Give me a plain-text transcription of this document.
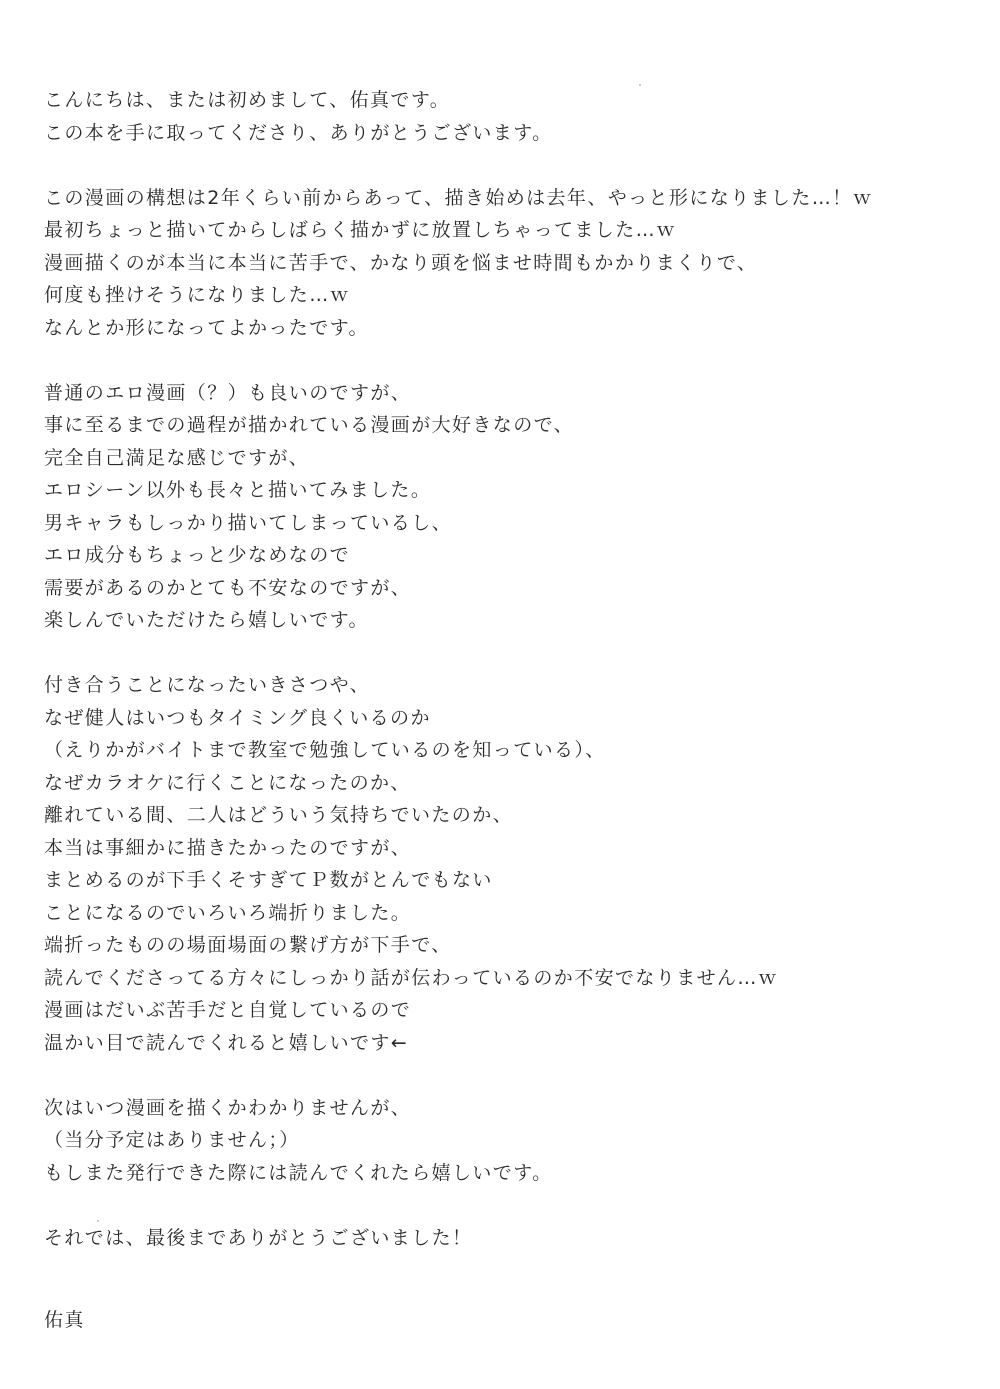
こんにちは、または初めまして、佑真です。
この本を手に取ってくださり、ありがとうございます。
この漫画の構想は2年くらい前からあって、描き始めは去年、やっと形になりました…！ｗ
最初ちょっと描いてからしばらく描かずに放置しちゃってました…ｗ
漫画描くのが本当に本当に苦手で、かなり頭を悩ませ時間もかかりまくりで、
何度も挫けそうになりました…ｗ
なんとか形になってよかったです。
普通のエロ漫画（？）も良いのですが、
事に至るまでの過程が描かれている漫画が大好きなので、
完全自己満足な感じですが、
エロシーン以外も長々と描いてみました。
男キャラもしっかり描いてしまっているし、
エロ成分もちょっと少なめなので
需要があるのかとても不安なのですが、
楽しんでいただけたら嬉しいです。
付き合うことになったいきさつや、
なぜ健人はいつもタイミング良くいるのか
（えりかがバイトまで教室で勉強しているのを知っている）、
なぜカラオケに行くことになったのか、
離れている間、二人はどういう気持ちでいたのか、
本当は事細かに描きたかったのですが、
まとめるのが下手くそすぎてＰ数がとんでもない
ことになるのでいろいろ端折りました。
端折ったものの場面場面の繋げ方が下手で、
読んでくださってる方々にしっかり話が伝わっているのか不安でなりません…ｗ
漫画はだいぶ苦手だと自覚しているので
温かい目で読んでくれると嬉しいです←
次はいつ漫画を描くかわかりませんが、
（当分予定はありません；）
もしまた発行できた際には読んでくれたら嬉しいです。
それでは、最後までありがとうございました！
佑真
